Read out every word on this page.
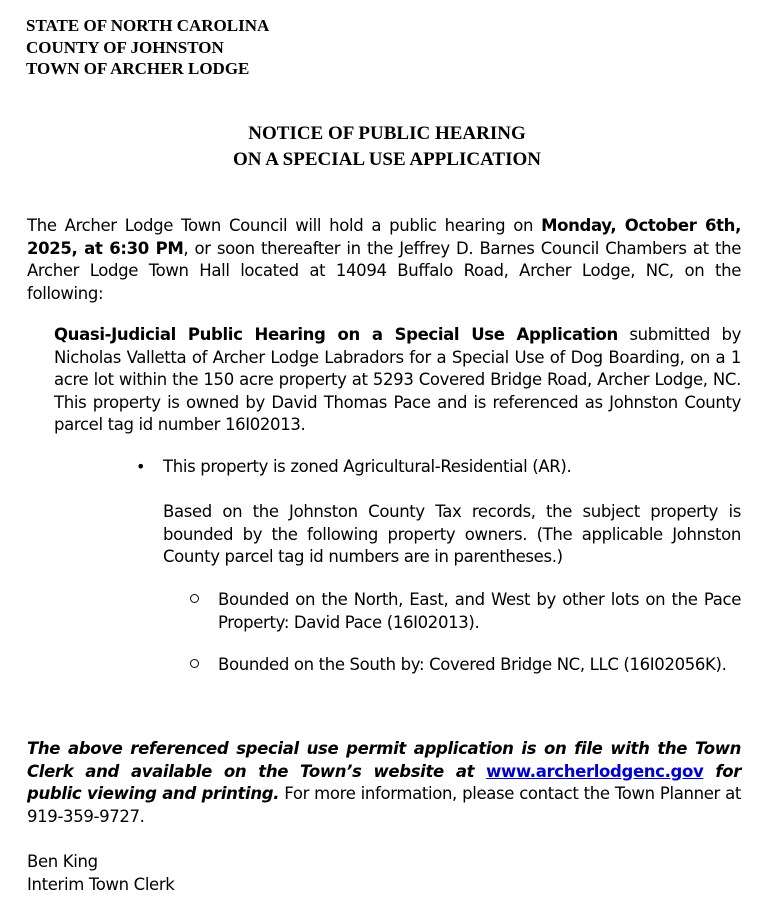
STATE OF NORTH CAROLINA
COUNTY OF JOHNSTON
TOWN OF ARCHER LODGE
NOTICE OF PUBLIC HEARING
ON A SPECIAL USE APPLICATION
The Archer Lodge Town Council will hold a public hearing on Monday, October 6th, 2025, at 6:30 PM, or soon thereafter in the Jeffrey D. Barnes Council Chambers at the Archer Lodge Town Hall located at 14094 Buffalo Road, Archer Lodge, NC, on the following:
Quasi-Judicial Public Hearing on a Special Use Application submitted by Nicholas Valletta of Archer Lodge Labradors for a Special Use of Dog Boarding, on a 1 acre lot within the 150 acre property at 5293 Covered Bridge Road, Archer Lodge, NC. This property is owned by David Thomas Pace and is referenced as Johnston County parcel tag id number 16I02013.
• This property is zoned Agricultural-Residential (AR).
Based on the Johnston County Tax records, the subject property is bounded by the following property owners. (The applicable Johnston County parcel tag id numbers are in parentheses.)
Bounded on the North, East, and West by other lots on the Pace Property: David Pace (16I02013).
Bounded on the South by: Covered Bridge NC, LLC (16I02056K).
The above referenced special use permit application is on file with the Town Clerk and available on the Town’s website at www.archerlodgenc.gov for public viewing and printing. For more information, please contact the Town Planner at 919-359-9727.
Ben King
Interim Town Clerk
